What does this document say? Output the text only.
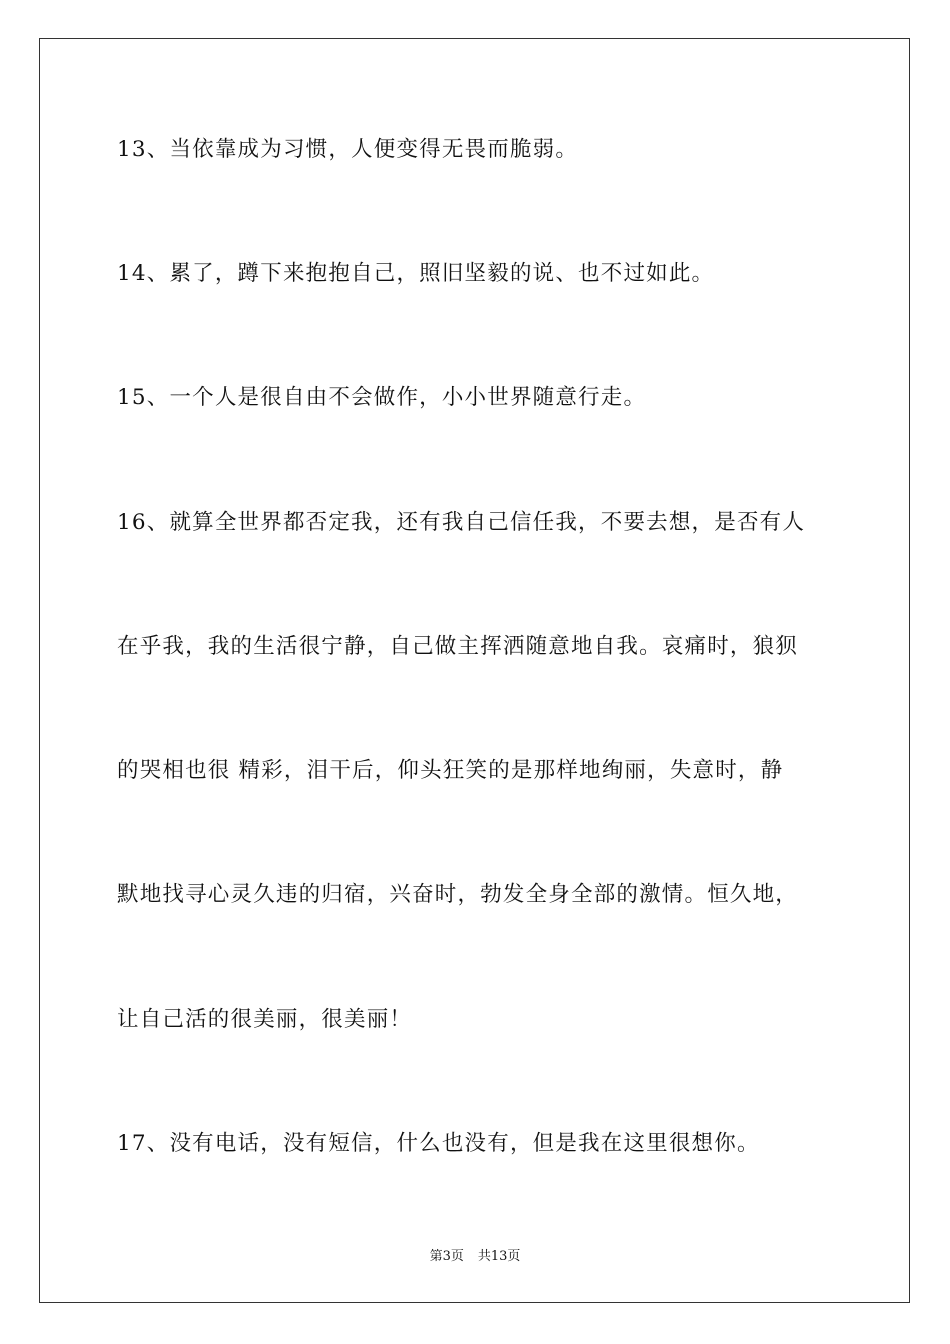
13、当依靠成为习惯，人便变得无畏而脆弱。
14、累了，蹲下来抱抱自己，照旧坚毅的说、也不过如此。
15、一个人是很自由不会做作，小小世界随意行走。
16、就算全世界都否定我，还有我自己信任我，不要去想，是否有人
在乎我，我的生活很宁静，自己做主挥洒随意地自我。哀痛时，狼狈
的哭相也很 精彩，泪干后，仰头狂笑的是那样地绚丽，失意时，静
默地找寻心灵久违的归宿，兴奋时，勃发全身全部的激情。恒久地，
让自己活的很美丽，很美丽！
17、没有电话，没有短信，什么也没有，但是我在这里很想你。
第3页 共13页
